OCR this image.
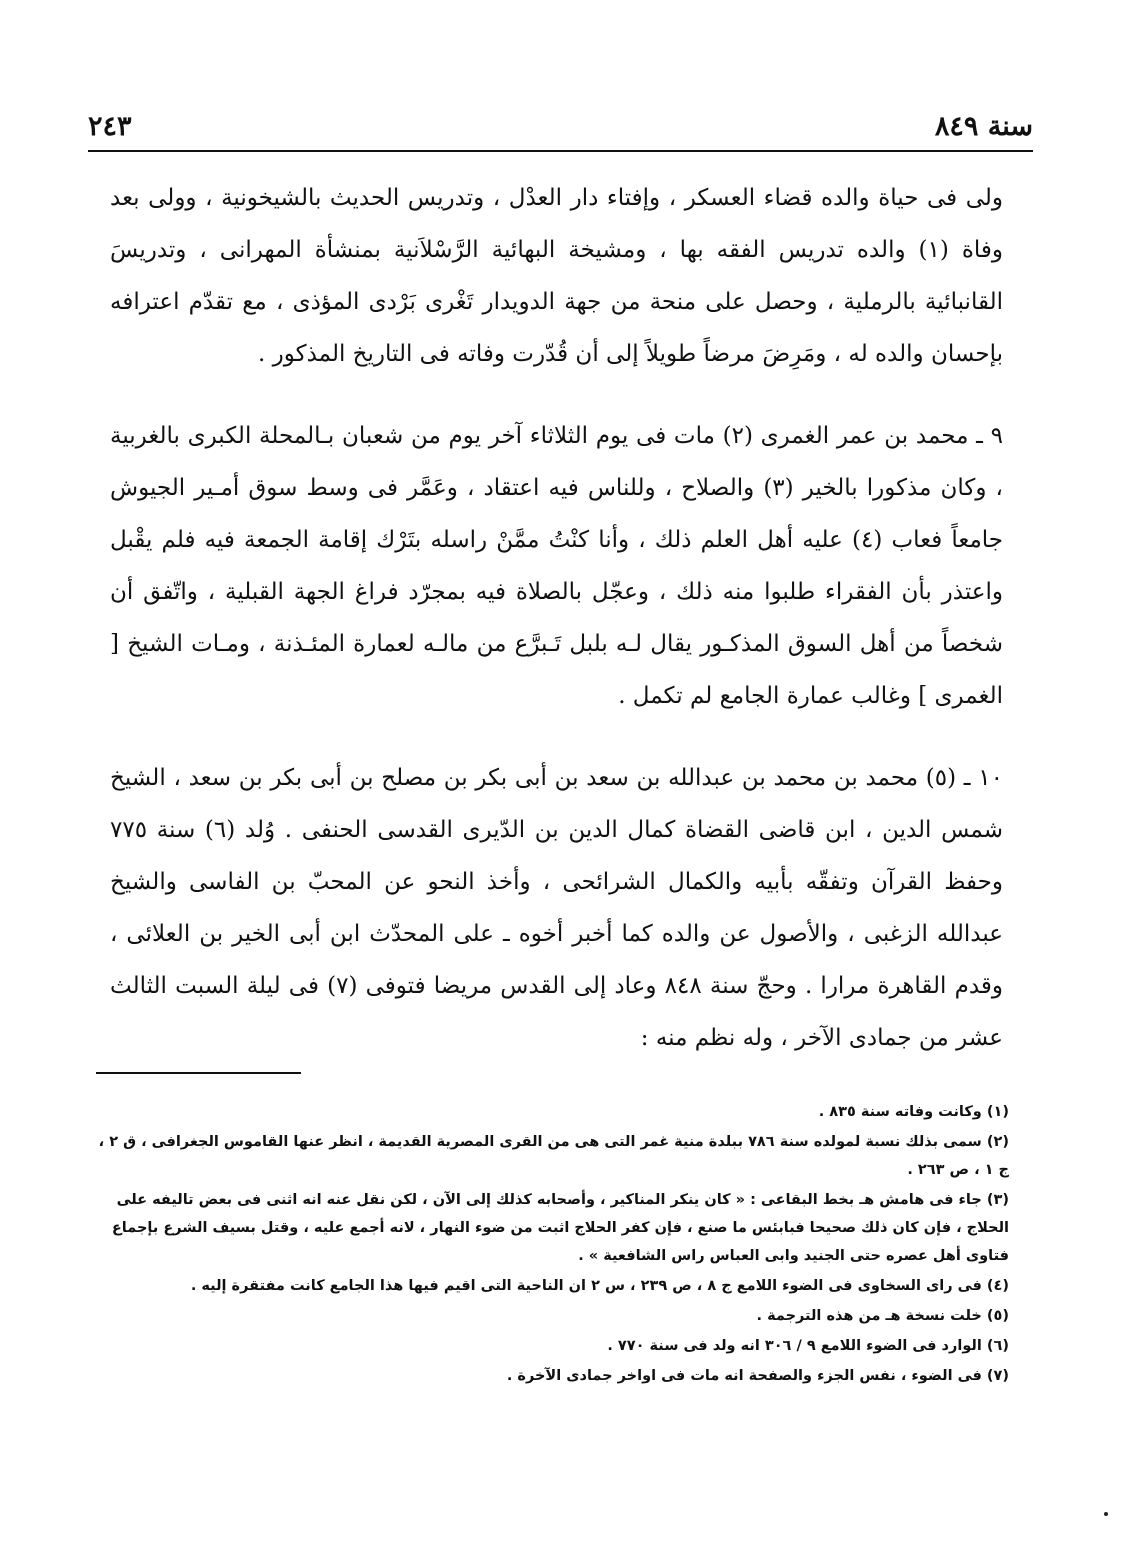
سنة ٨٤٩
٢٤٣

ولى فى حياة والده قضاء العسكر ، وإفتاء دار العدْل ، وتدريس الحديث بالشيخونية ، وولى بعد وفاة (١) والده تدريس الفقه بها ، ومشيخة البهائية الرَّسْلاَنية بمنشأة المهرانى ، وتدريسَ القانبائية بالرملية ، وحصل على منحة من جهة الدويدار تَغْرى بَرْدى المؤذى ، مع تقدّم اعترافه بإحسان والده له ، ومَرِضَ مرضاً طويلاً إلى أن قُدّرت وفاته فى التاريخ المذكور .

٩ ـ محمد بن عمر الغمرى (٢) مات فى يوم الثلاثاء آخر يوم من شعبان بـالمحلة الكبرى بالغربية ، وكان مذكورا بالخير (٣) والصلاح ، وللناس فيه اعتقاد ، وعَمَّر فى وسط سوق أمـير الجيوش جامعاً فعاب (٤) عليه أهل العلم ذلك ، وأنا كنْتُ ممَّنْ راسله بتَرْك إقامة الجمعة فيه فلم يقْبل واعتذر بأن الفقراء طلبوا منه ذلك ، وعجّل بالصلاة فيه بمجرّد فراغ الجهة القبلية ، واتّفق أن شخصاً من أهل السوق المذكـور يقال لـه بلبل تَـبرَّع من مالـه لعمارة المئـذنة ، ومـات الشيخ [ الغمرى ] وغالب عمارة الجامع لم تكمل .

١٠ ـ (٥) محمد بن محمد بن عبدالله بن سعد بن أبى بكر بن مصلح بن أبى بكر بن سعد ، الشيخ شمس الدين ، ابن قاضى القضاة كمال الدين بن الدّيرى القدسى الحنفى . وُلد (٦) سنة ٧٧٥ وحفظ القرآن وتفقّه بأبيه والكمال الشرائحى ، وأخذ النحو عن المحبّ بن الفاسى والشيخ عبدالله الزغبى ، والأصول عن والده كما أخبر أخوه ـ على المحدّث ابن أبى الخير بن العلائى ، وقدم القاهرة مرارا . وحجّ سنة ٨٤٨ وعاد إلى القدس مريضا فتوفى (٧) فى ليلة السبت الثالث عشر من جمادى الآخر ، وله نظم منه :

(١) وكانت وفاته سنة ٨٣٥ .
(٢) سمى بذلك نسبة لمولده سنة ٧٨٦ ببلدة منية غمر التى هى من القرى المصرية القديمة ، انظر عنها القاموس الجغرافى ، ق ٢ ، ج ١ ، ص ٢٦٣ .
(٣) جاء فى هامش هـ بخط البقاعى : « كان ينكر المناكير ، وأصحابه كذلك إلى الآن ، لكن نقل عنه انه اثنى فى بعض تاليفه على الحلاج ، فإن كان ذلك صحيحا فبابئس ما صنع ، فإن كفر الحلاج اثبت من ضوء النهار ، لانه أجمع عليه ، وقتل بسيف الشرع بإجماع فتاوى أهل عصره حتى الجنيد وابى العباس راس الشافعية » .
(٤) فى راى السخاوى فى الضوء اللامع ج ٨ ، ص ٢٣٩ ، س ٢ ان الناحية التى اقيم فيها هذا الجامع كانت مفتقرة إليه .
(٥) خلت نسخة هـ من هذه الترجمة .
(٦) الوارد فى الضوء اللامع ٩ / ٣٠٦ انه ولد فى سنة ٧٧٠ .
(٧) فى الضوء ، نفس الجزء والصفحة انه مات فى اواخر جمادى الآخرة .
